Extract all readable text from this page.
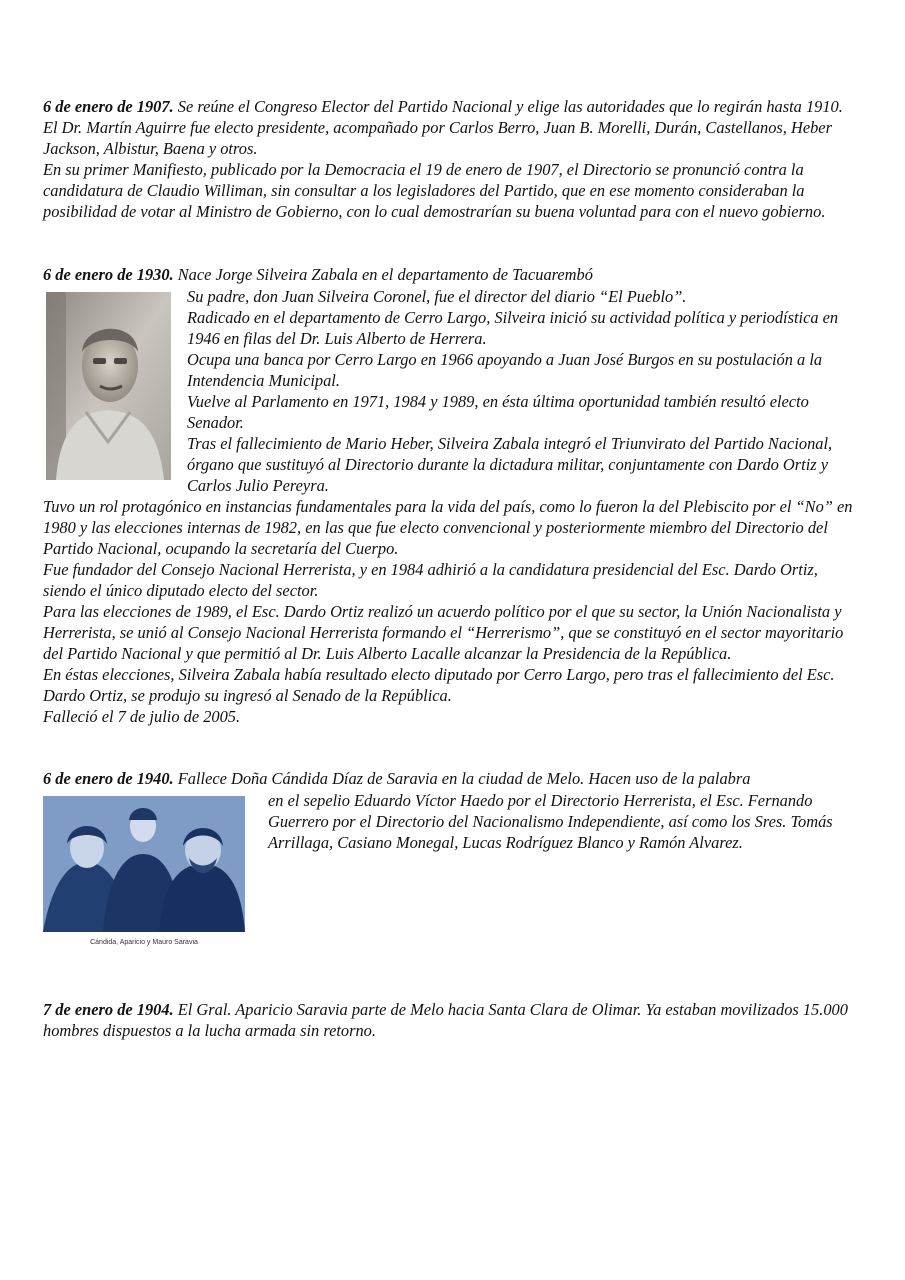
6 de enero de 1907. Se reúne el Congreso Elector del Partido Nacional y elige las autoridades que lo regirán hasta 1910. El Dr. Martín Aguirre fue electo presidente, acompañado por Carlos Berro, Juan B. Morelli, Durán, Castellanos, Heber Jackson, Albistur, Baena y otros.

En su primer Manifiesto, publicado por la Democracia el 19 de enero de 1907, el Directorio se pronunció contra la candidatura de Claudio Williman, sin consultar a los legisladores del Partido, que en ese momento consideraban la posibilidad de votar al Ministro de Gobierno, con lo cual demostrarían su buena voluntad para con el nuevo gobierno.

6 de enero de 1930. Nace Jorge Silveira Zabala en el departamento de Tacuarembó

Su padre, don Juan Silveira Coronel, fue el director del diario “El Pueblo”.

Radicado en el departamento de Cerro Largo, Silveira inició su actividad política y periodística en 1946 en filas del Dr. Luis Alberto de Herrera.

Ocupa una banca por Cerro Largo en 1966 apoyando a Juan José Burgos en su postulación a la Intendencia Municipal.

Vuelve al Parlamento en 1971, 1984 y 1989, en ésta última oportunidad también resultó electo Senador.

Tras el fallecimiento de Mario Heber, Silveira Zabala integró el Triunvirato del Partido Nacional, órgano que sustituyó al Directorio durante la dictadura militar, conjuntamente con Dardo Ortiz y Carlos Julio Pereyra.

Tuvo un rol protagónico en instancias fundamentales para la vida del país, como lo fueron la del Plebiscito por el “No” en 1980 y las elecciones internas de 1982, en las que fue electo convencional y posteriormente miembro del Directorio del Partido Nacional, ocupando la secretaría del Cuerpo.

Fue fundador del Consejo Nacional Herrerista, y en 1984 adhirió a la candidatura presidencial del Esc. Dardo Ortiz, siendo el único diputado electo del sector.

Para las elecciones de 1989, el Esc. Dardo Ortiz realizó un acuerdo político por el que su sector, la Unión Nacionalista y Herrerista, se unió al Consejo Nacional Herrerista formando el “Herrerismo”, que se constituyó en el sector mayoritario del Partido Nacional y que permitió al Dr. Luis Alberto Lacalle alcanzar la Presidencia de la República.

En éstas elecciones, Silveira Zabala había resultado electo diputado por Cerro Largo, pero tras el fallecimiento del Esc. Dardo Ortiz, se produjo su ingresó al Senado de la República.

Falleció el 7 de julio de 2005.

6 de enero de 1940. Fallece Doña Cándida Díaz de Saravia en la ciudad de Melo. Hacen uso de la palabra

Cándida, Aparicio y Mauro Saravia

en el sepelio Eduardo Víctor Haedo por el Directorio Herrerista, el Esc. Fernando Guerrero por el Directorio del Nacionalismo Independiente, así como los Sres. Tomás Arrillaga, Casiano Monegal, Lucas Rodríguez Blanco y Ramón Alvarez.

7 de enero de 1904. El Gral. Aparicio Saravia parte de Melo hacia Santa Clara de Olimar. Ya estaban movilizados 15.000 hombres dispuestos a la lucha armada sin retorno.
